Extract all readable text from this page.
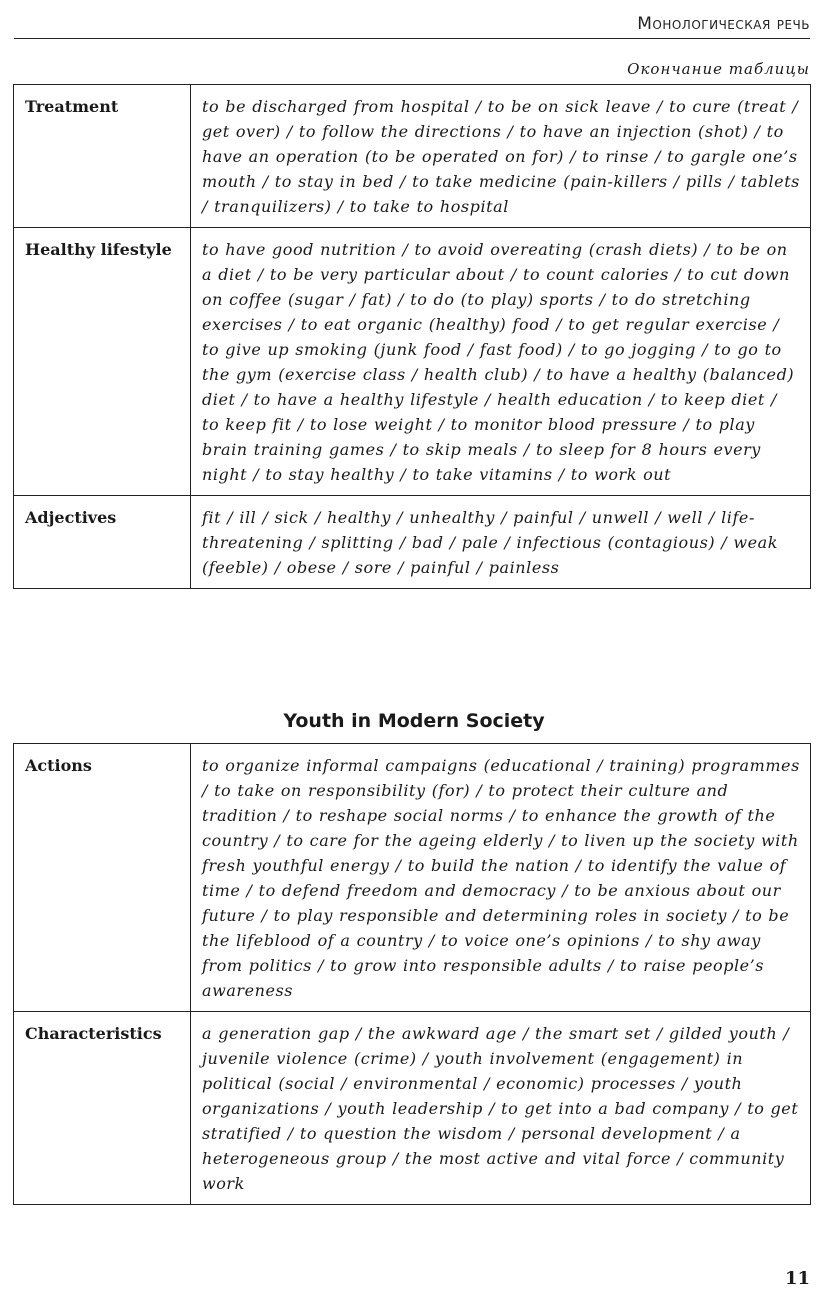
Монологическая речь
Окончание таблицы
Treatment	to be discharged from hospital / to be on sick leave / to cure (treat / get over) / to follow the directions / to have an injection (shot) / to have an operation (to be operated on for) / to rinse / to gargle one’s mouth / to stay in bed / to take medicine (pain-killers / pills / tablets / tranquilizers) / to take to hospital
Healthy lifestyle	to have good nutrition / to avoid overeating (crash diets) / to be on a diet / to be very particular about / to count calories / to cut down on coffee (sugar / fat) / to do (to play) sports / to do stretching exercises / to eat organic (healthy) food / to get regular exercise / to give up smoking (junk food / fast food) / to go jogging / to go to the gym (exercise class / health club) / to have a healthy (balanced) diet / to have a healthy lifestyle / health education / to keep diet / to keep fit / to lose weight / to monitor blood pressure / to play brain training games / to skip meals / to sleep for 8 hours every night / to stay healthy / to take vitamins / to work out
Adjectives	fit / ill / sick / healthy / unhealthy / painful / unwell / well / life-threatening / splitting / bad / pale / infectious (contagious) / weak (feeble) / obese / sore / painful / painless
Youth in Modern Society
Actions	to organize informal campaigns (educational / training) programmes / to take on responsibility (for) / to protect their culture and tradition / to reshape social norms / to enhance the growth of the country / to care for the ageing elderly / to liven up the society with fresh youthful energy / to build the nation / to identify the value of time / to defend freedom and democracy / to be anxious about our future / to play responsible and determining roles in society / to be the lifeblood of a country / to voice one’s opinions / to shy away from politics / to grow into responsible adults / to raise people’s awareness
Characteristics	a generation gap / the awkward age / the smart set / gilded youth / juvenile violence (crime) / youth involvement (engagement) in political (social / environmental / economic) processes / youth organizations / youth leadership / to get into a bad company / to get stratified / to question the wisdom / personal development / a heterogeneous group / the most active and vital force / community work
11
